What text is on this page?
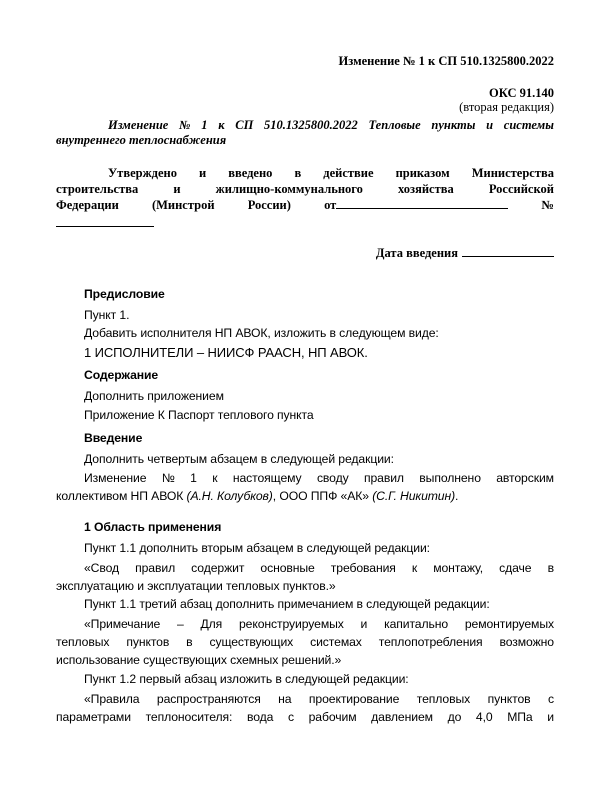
Изменение № 1 к СП 510.1325800.2022
ОКС 91.140
(вторая редакция)
Изменение № 1 к СП 510.1325800.2022 Тепловые пункты и системы
внутреннего теплоснабжения
Утверждено и введено в действие приказом Министерства
строительства	и	жилищно-коммунального	хозяйства	Российской
Федерации	(Минстрой	России)	от	№
Дата введения
Предисловие
Пункт 1.
Добавить исполнителя НП АВОК, изложить в следующем виде:
1 ИСПОЛНИТЕЛИ – НИИСФ РААСН, НП АВОК.
Содержание
Дополнить приложением
Приложение К Паспорт теплового пункта
Введение
Дополнить четвертым абзацем в следующей редакции:
Изменение № 1 к настоящему своду правил выполнено авторским
коллективом НП АВОК (А.Н. Колубков), ООО ППФ «АК» (С.Г. Никитин).
1 Область применения
Пункт 1.1 дополнить вторым абзацем в следующей редакции:
«Свод правил содержит основные требования к монтажу, сдаче в
эксплуатацию и эксплуатации тепловых пунктов.»
Пункт 1.1 третий абзац дополнить примечанием в следующей редакции:
«Примечание – Для реконструируемых и капитально ремонтируемых
тепловых пунктов в существующих системах теплопотребления возможно
использование существующих схемных решений.»
Пункт 1.2 первый абзац изложить в следующей редакции:
«Правила распространяются на проектирование тепловых пунктов с
параметрами теплоносителя: вода с рабочим давлением до 4,0 МПа и
